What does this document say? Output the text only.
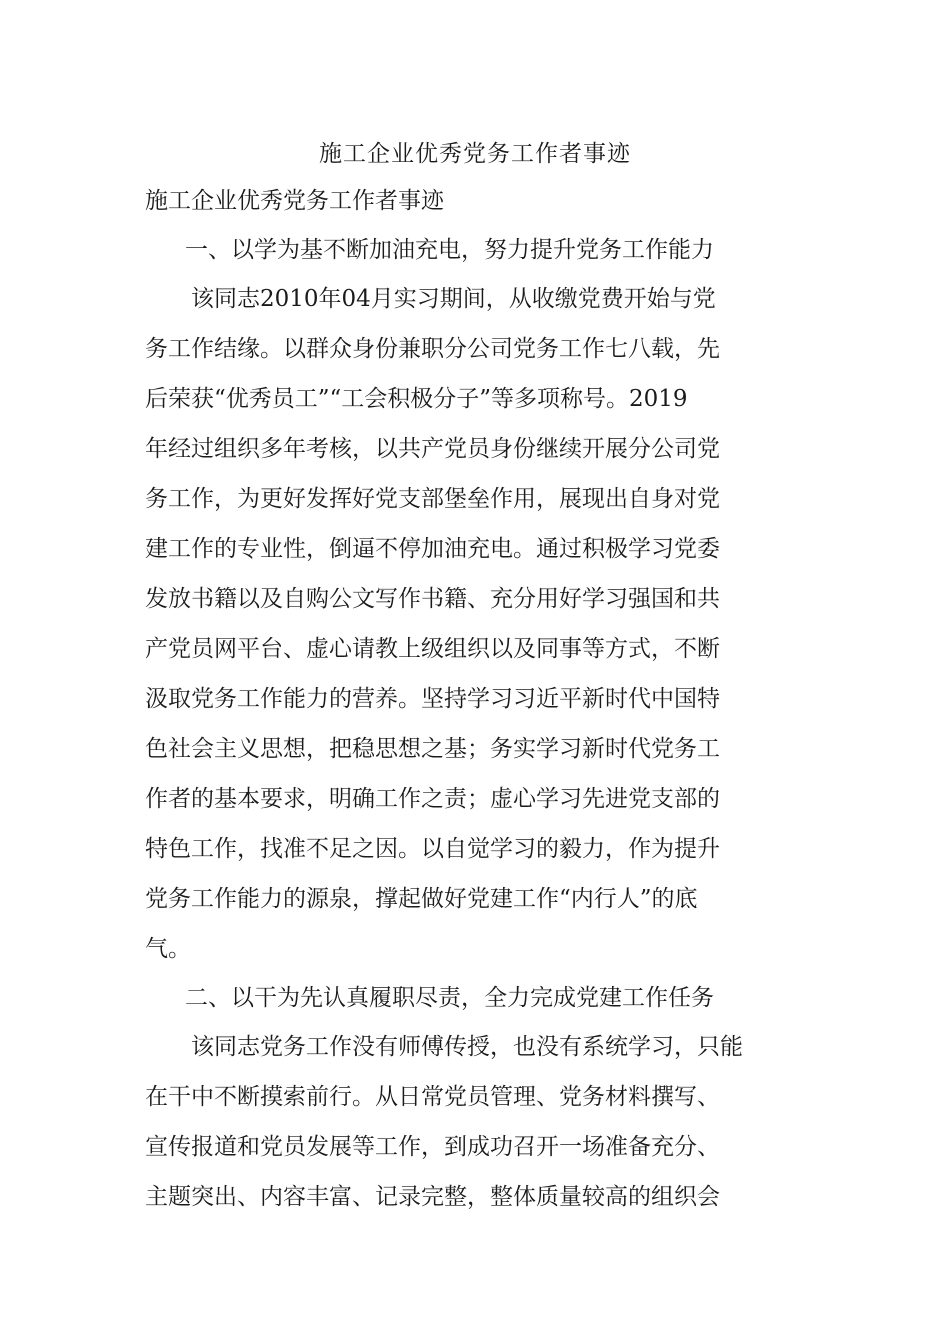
施工企业优秀党务工作者事迹
施工企业优秀党务工作者事迹
一、以学为基不断加油充电，努力提升党务工作能力
该同志2010年04月实习期间，从收缴党费开始与党
务工作结缘。以群众身份兼职分公司党务工作七八载，先
后荣获“优秀员工”“工会积极分子”等多项称号。2019
年经过组织多年考核，以共产党员身份继续开展分公司党
务工作，为更好发挥好党支部堡垒作用，展现出自身对党
建工作的专业性，倒逼不停加油充电。通过积极学习党委
发放书籍以及自购公文写作书籍、充分用好学习强国和共
产党员网平台、虚心请教上级组织以及同事等方式，不断
汲取党务工作能力的营养。坚持学习习近平新时代中国特
色社会主义思想，把稳思想之基；务实学习新时代党务工
作者的基本要求，明确工作之责；虚心学习先进党支部的
特色工作，找准不足之因。以自觉学习的毅力，作为提升
党务工作能力的源泉，撑起做好党建工作“内行人”的底
气。
二、以干为先认真履职尽责，全力完成党建工作任务
该同志党务工作没有师傅传授，也没有系统学习，只能
在干中不断摸索前行。从日常党员管理、党务材料撰写、
宣传报道和党员发展等工作，到成功召开一场准备充分、
主题突出、内容丰富、记录完整，整体质量较高的组织会
